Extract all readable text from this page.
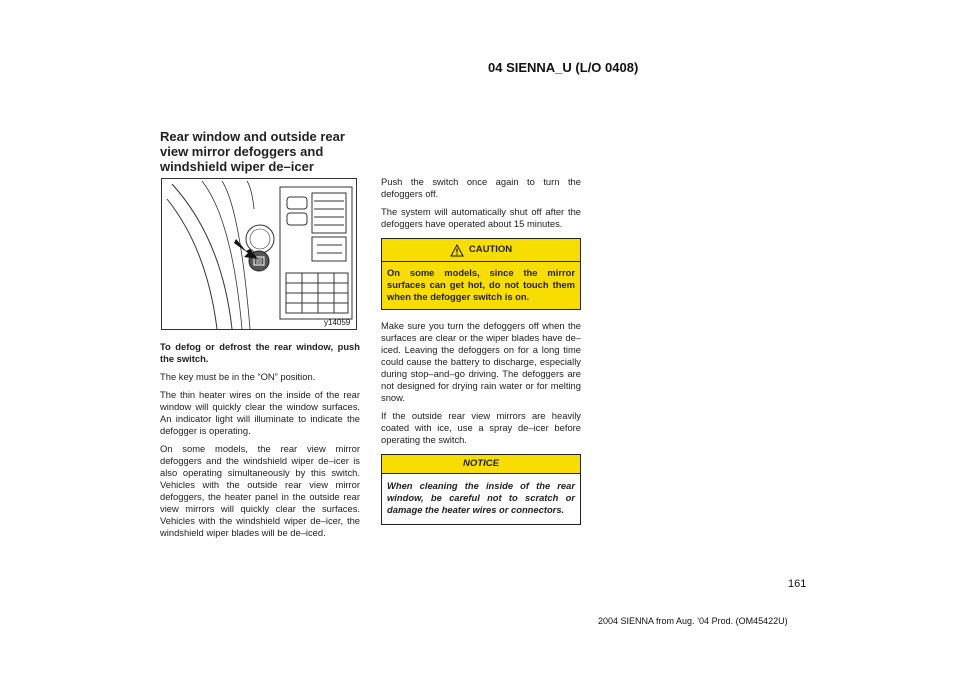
04 SIENNA_U (L/O 0408)
Rear window and outside rear view mirror defoggers and windshield wiper de–icer
y14059

To defog or defrost the rear window, push the switch.

The key must be in the “ON” position.

The thin heater wires on the inside of the rear window will quickly clear the window surfaces. An indicator light will illuminate to indicate the defogger is operating.

On some models, the rear view mirror defoggers and the windshield wiper de–icer is also operating simultaneously by this switch. Vehicles with the outside rear view mirror defoggers, the heater panel in the outside rear view mirrors will quickly clear the surfaces. Vehicles with the windshield wiper de–icer, the windshield wiper blades will be de–iced.

Push the switch once again to turn the defoggers off.

The system will automatically shut off after the defoggers have operated about 15 minutes.

CAUTION
On some models, since the mirror surfaces can get hot, do not touch them when the defogger switch is on.

Make sure you turn the defoggers off when the surfaces are clear or the wiper blades have de–iced. Leaving the defoggers on for a long time could cause the battery to discharge, especially during stop–and–go driving. The defoggers are not designed for drying rain water or for melting snow.

If the outside rear view mirrors are heavily coated with ice, use a spray de–icer before operating the switch.

NOTICE
When cleaning the inside of the rear window, be careful not to scratch or damage the heater wires or connectors.
161
2004 SIENNA from Aug. ’04 Prod. (OM45422U)
